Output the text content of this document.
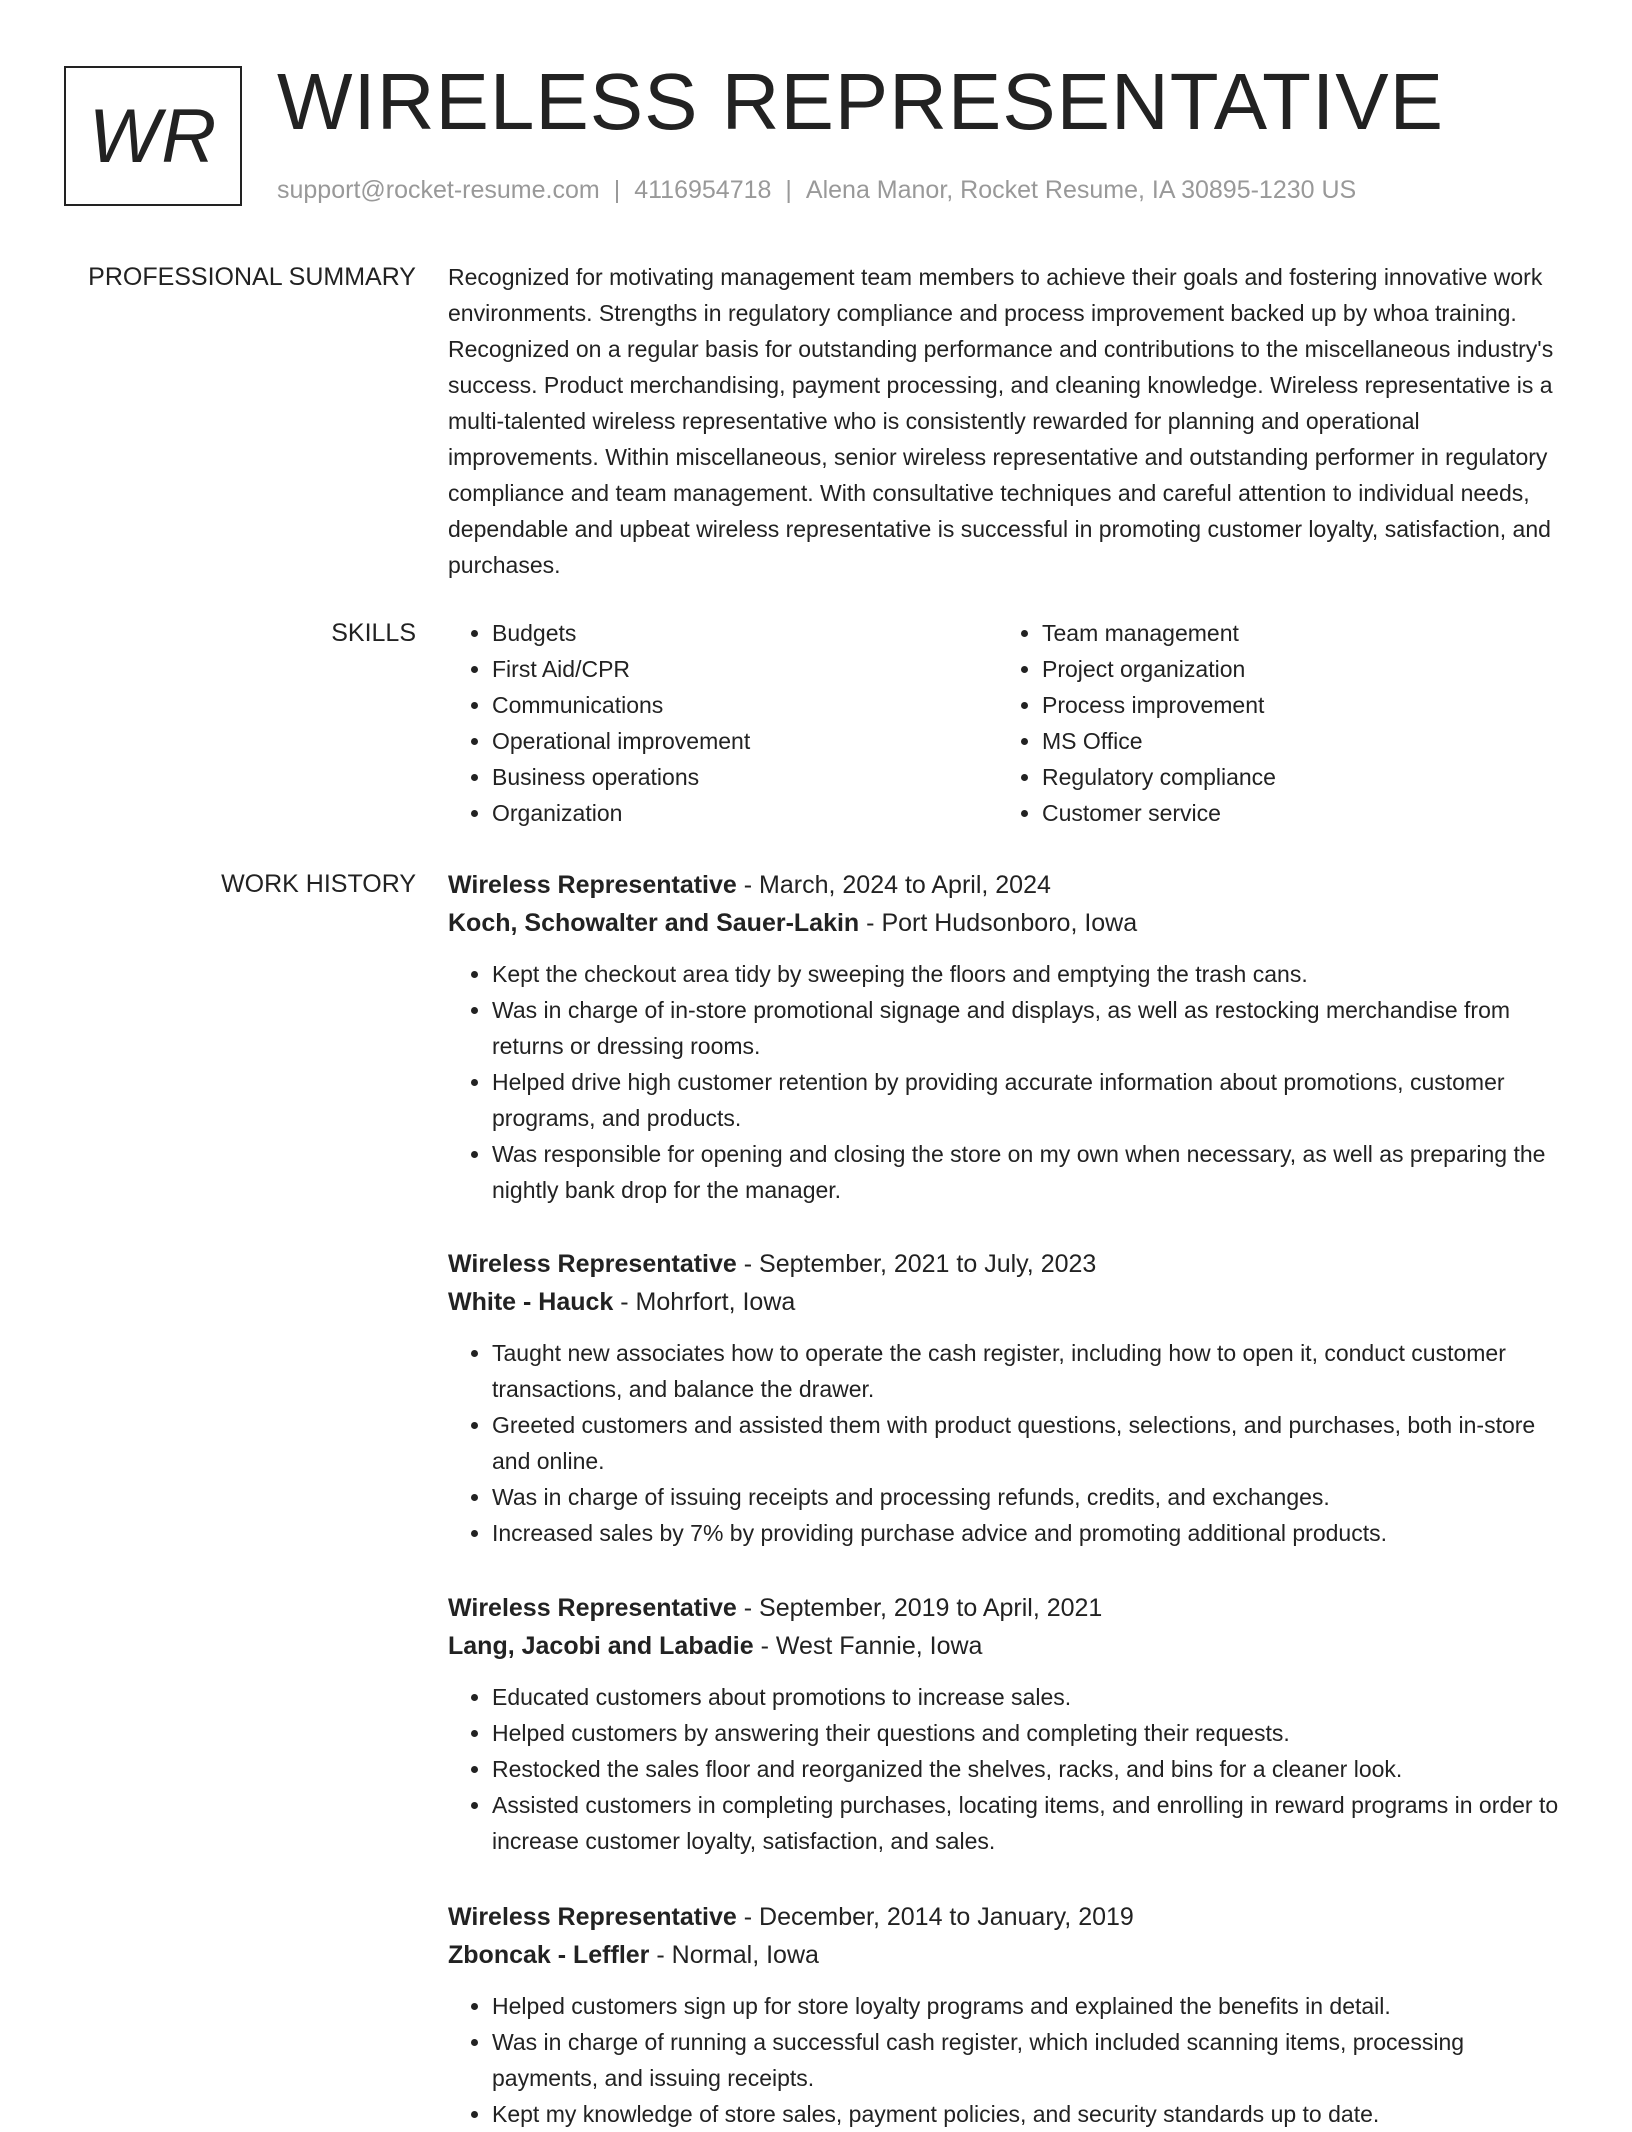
WR WIRELESS REPRESENTATIVE
support@rocket-resume.com | 4116954718 | Alena Manor, Rocket Resume, IA 30895-1230 US
PROFESSIONAL SUMMARY Recognized for motivating management team members to achieve their goals and fostering innovative work environments. Strengths in regulatory compliance and process improvement backed up by whoa training. Recognized on a regular basis for outstanding performance and contributions to the miscellaneous industry's success. Product merchandising, payment processing, and cleaning knowledge. Wireless representative is a multi-talented wireless representative who is consistently rewarded for planning and operational improvements. Within miscellaneous, senior wireless representative and outstanding performer in regulatory compliance and team management. With consultative techniques and careful attention to individual needs, dependable and upbeat wireless representative is successful in promoting customer loyalty, satisfaction, and purchases.

SKILLS
•	Budgets
• First Aid/CPR
• Communications
• Operational improvement
• Business operations
• Organization
• Team management
• Project organization
• Process improvement
• MS Office
• Regulatory compliance
• Customer service
WORK HISTORY Wireless Representative - March, 2024 to April, 2024
Koch, Schowalter and Sauer-Lakin - Port Hudsonboro, Iowa
• Kept the checkout area tidy by sweeping the floors and emptying the trash cans.
• Was in charge of in-store promotional signage and displays, as well as restocking merchandise from returns or dressing rooms.
• Helped drive high customer retention by providing accurate information about promotions, customer programs, and products.
• Was responsible for opening and closing the store on my own when necessary, as well as preparing the nightly bank drop for the manager.
Wireless Representative - September, 2021 to July, 2023
White - Hauck - Mohrfort, Iowa
• Taught new associates how to operate the cash register, including how to open it, conduct customer transactions, and balance the drawer.
• Greeted customers and assisted them with product questions, selections, and purchases, both in-store and online.
• Was in charge of issuing receipts and processing refunds, credits, and exchanges.
• Increased sales by 7% by providing purchase advice and promoting additional products.
Wireless Representative - September, 2019 to April, 2021
Lang, Jacobi and Labadie - West Fannie, Iowa
• Educated customers about promotions to increase sales.
• Helped customers by answering their questions and completing their requests.
• Restocked the sales floor and reorganized the shelves, racks, and bins for a cleaner look.
• Assisted customers in completing purchases, locating items, and enrolling in reward programs in order to increase customer loyalty, satisfaction, and sales.
Wireless Representative - December, 2014 to January, 2019
Zboncak - Leffler - Normal, Iowa
• Helped customers sign up for store loyalty programs and explained the benefits in detail.
• Was in charge of running a successful cash register, which included scanning items, processing payments, and issuing receipts.
• Kept my knowledge of store sales, payment policies, and security standards up to date.
